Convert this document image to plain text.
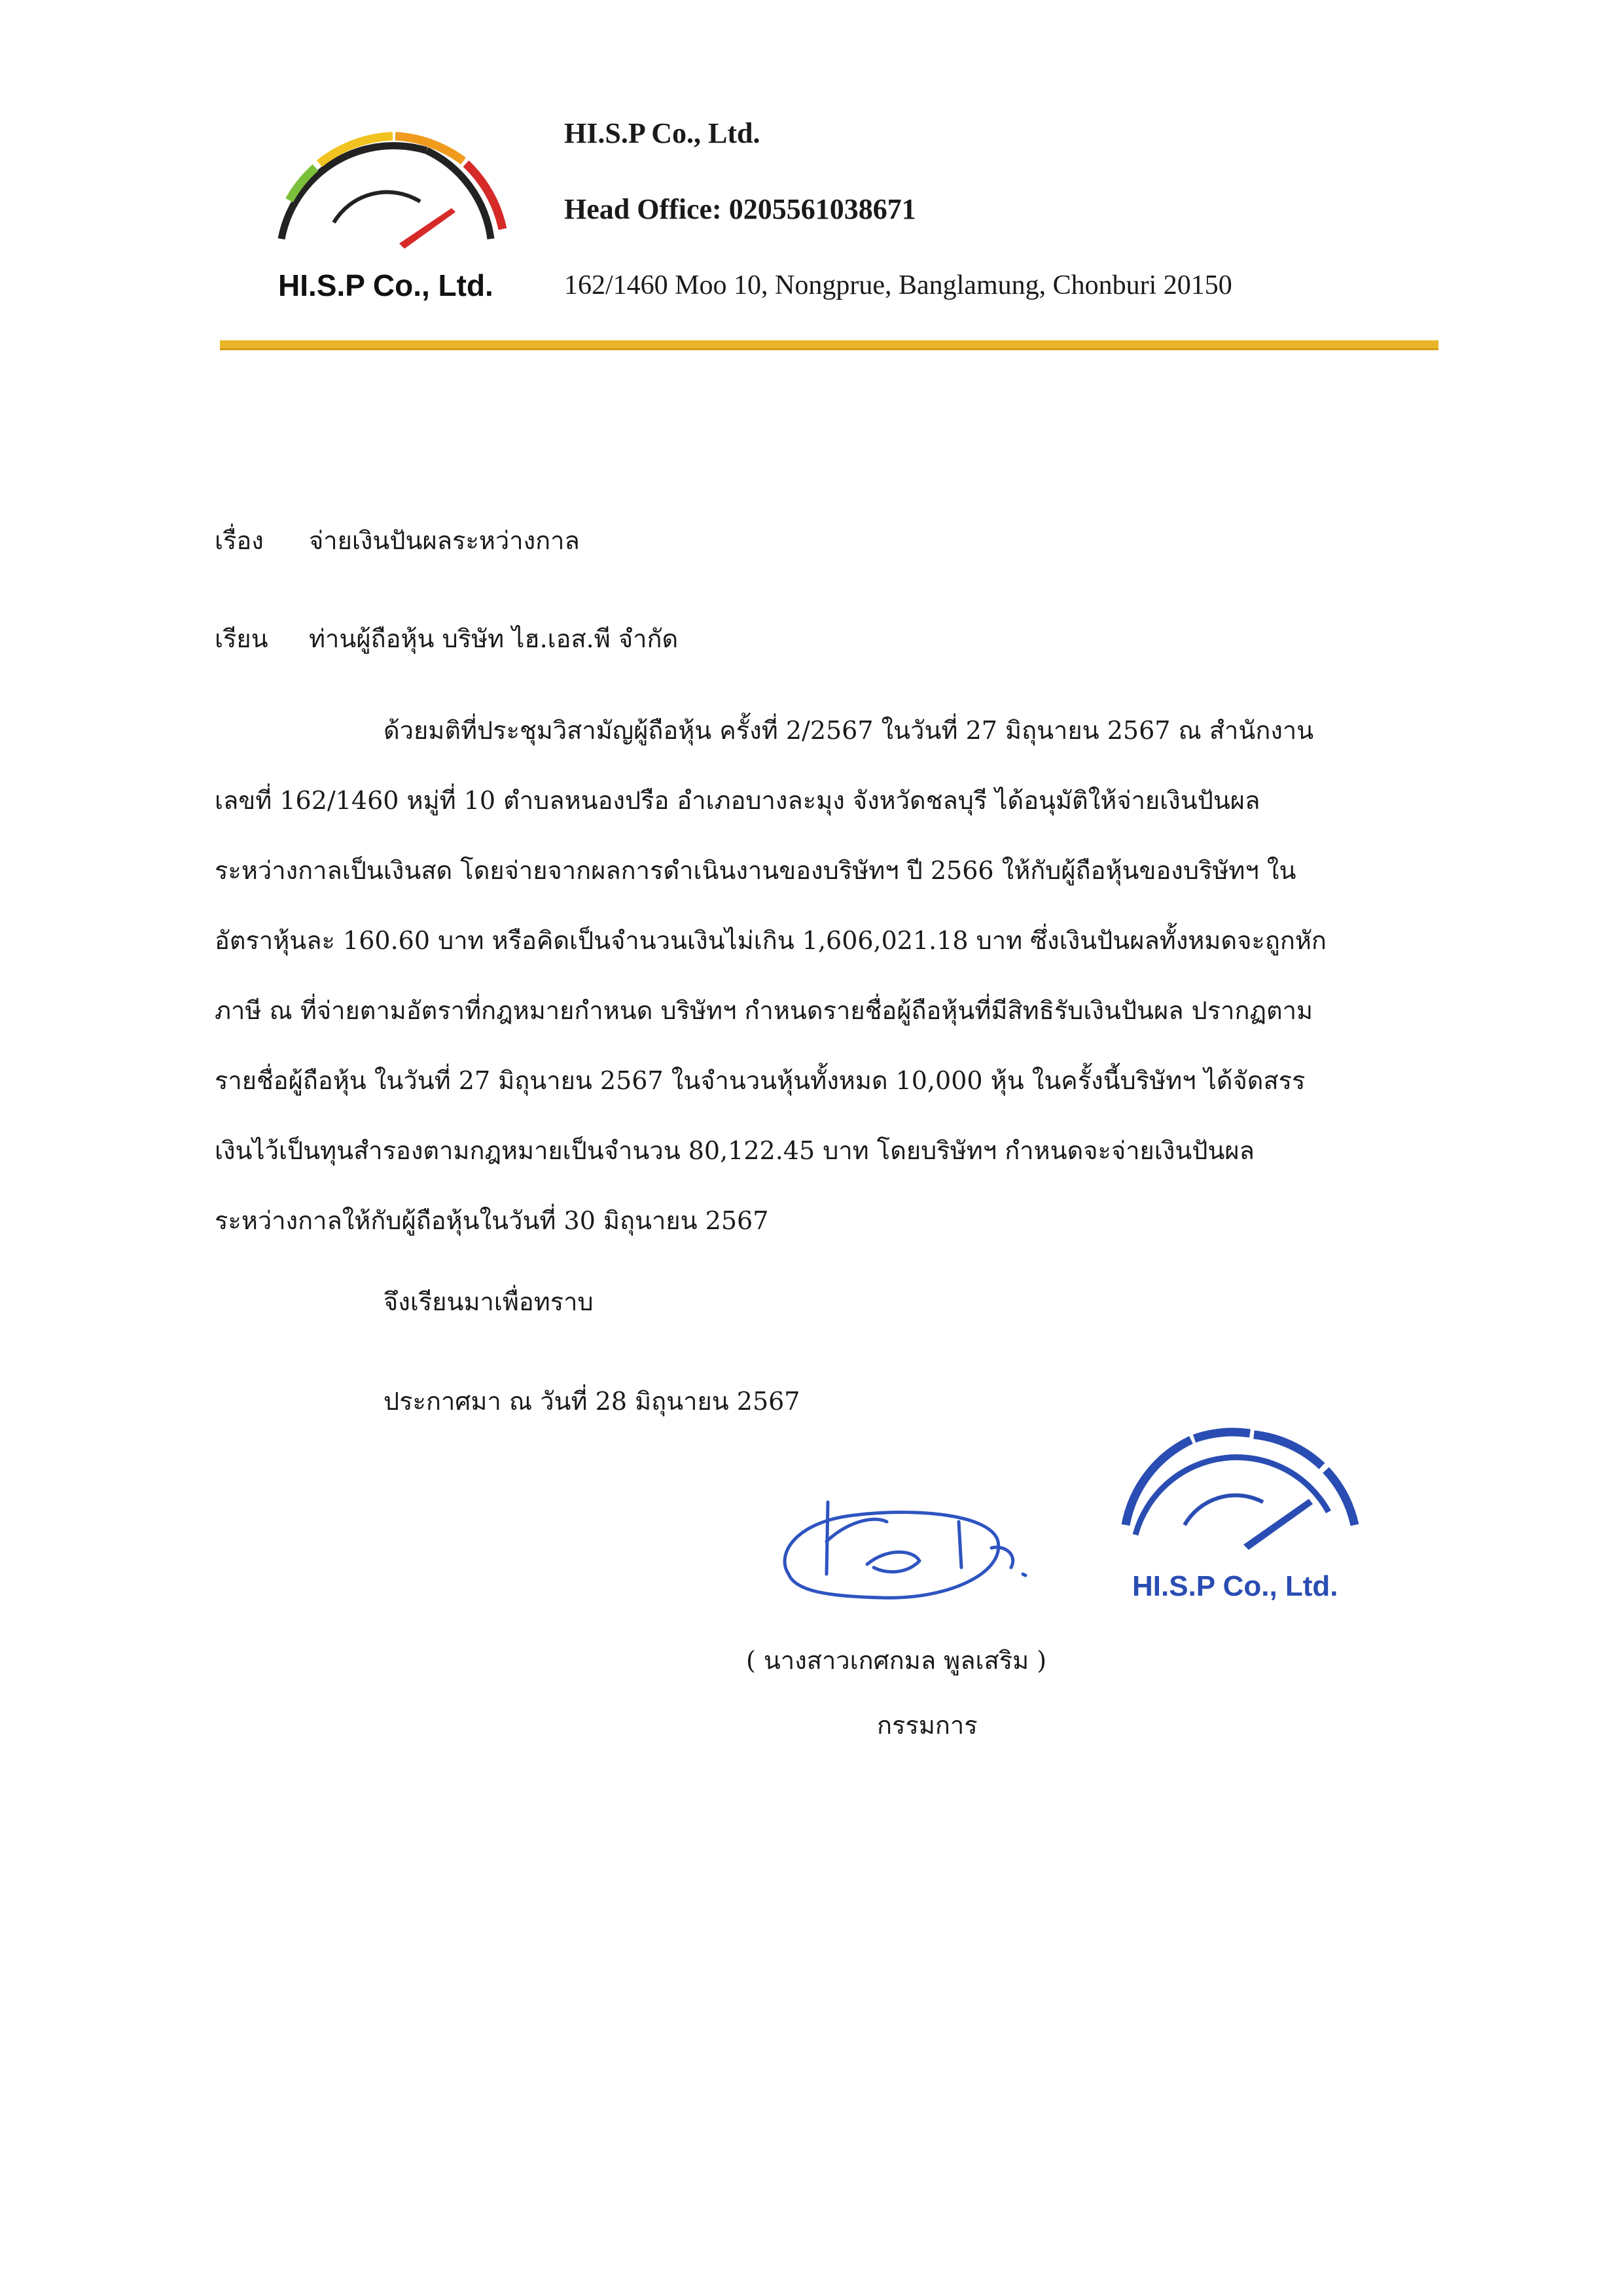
HI.S.P Co., Ltd.
HI.S.P Co., Ltd.
Head Office: 0205561038671
162/1460 Moo 10, Nongprue, Banglamung, Chonburi 20150
เรื่อง จ่ายเงินปันผลระหว่างกาล
เรียน ท่านผู้ถือหุ้น บริษัท ไฮ.เอส.พี จำกัด
ด้วยมติที่ประชุมวิสามัญผู้ถือหุ้น ครั้งที่ 2/2567 ในวันที่ 27 มิถุนายน 2567 ณ สำนักงาน
เลขที่ 162/1460 หมู่ที่ 10 ตำบลหนองปรือ อำเภอบางละมุง จังหวัดชลบุรี ได้อนุมัติให้จ่ายเงินปันผล
ระหว่างกาลเป็นเงินสด โดยจ่ายจากผลการดำเนินงานของบริษัทฯ ปี 2566 ให้กับผู้ถือหุ้นของบริษัทฯ ใน
อัตราหุ้นละ 160.60 บาท หรือคิดเป็นจำนวนเงินไม่เกิน 1,606,021.18 บาท ซึ่งเงินปันผลทั้งหมดจะถูกหัก
ภาษี ณ ที่จ่ายตามอัตราที่กฎหมายกำหนด บริษัทฯ กำหนดรายชื่อผู้ถือหุ้นที่มีสิทธิรับเงินปันผล ปรากฏตาม
รายชื่อผู้ถือหุ้น ในวันที่ 27 มิถุนายน 2567 ในจำนวนหุ้นทั้งหมด 10,000 หุ้น ในครั้งนี้บริษัทฯ ได้จัดสรร
เงินไว้เป็นทุนสำรองตามกฎหมายเป็นจำนวน 80,122.45 บาท โดยบริษัทฯ กำหนดจะจ่ายเงินปันผล
ระหว่างกาลให้กับผู้ถือหุ้นในวันที่ 30 มิถุนายน 2567
จึงเรียนมาเพื่อทราบ
ประกาศมา ณ วันที่ 28 มิถุนายน 2567
HI.S.P Co., Ltd.
( นางสาวเกศกมล พูลเสริม )
กรรมการ
